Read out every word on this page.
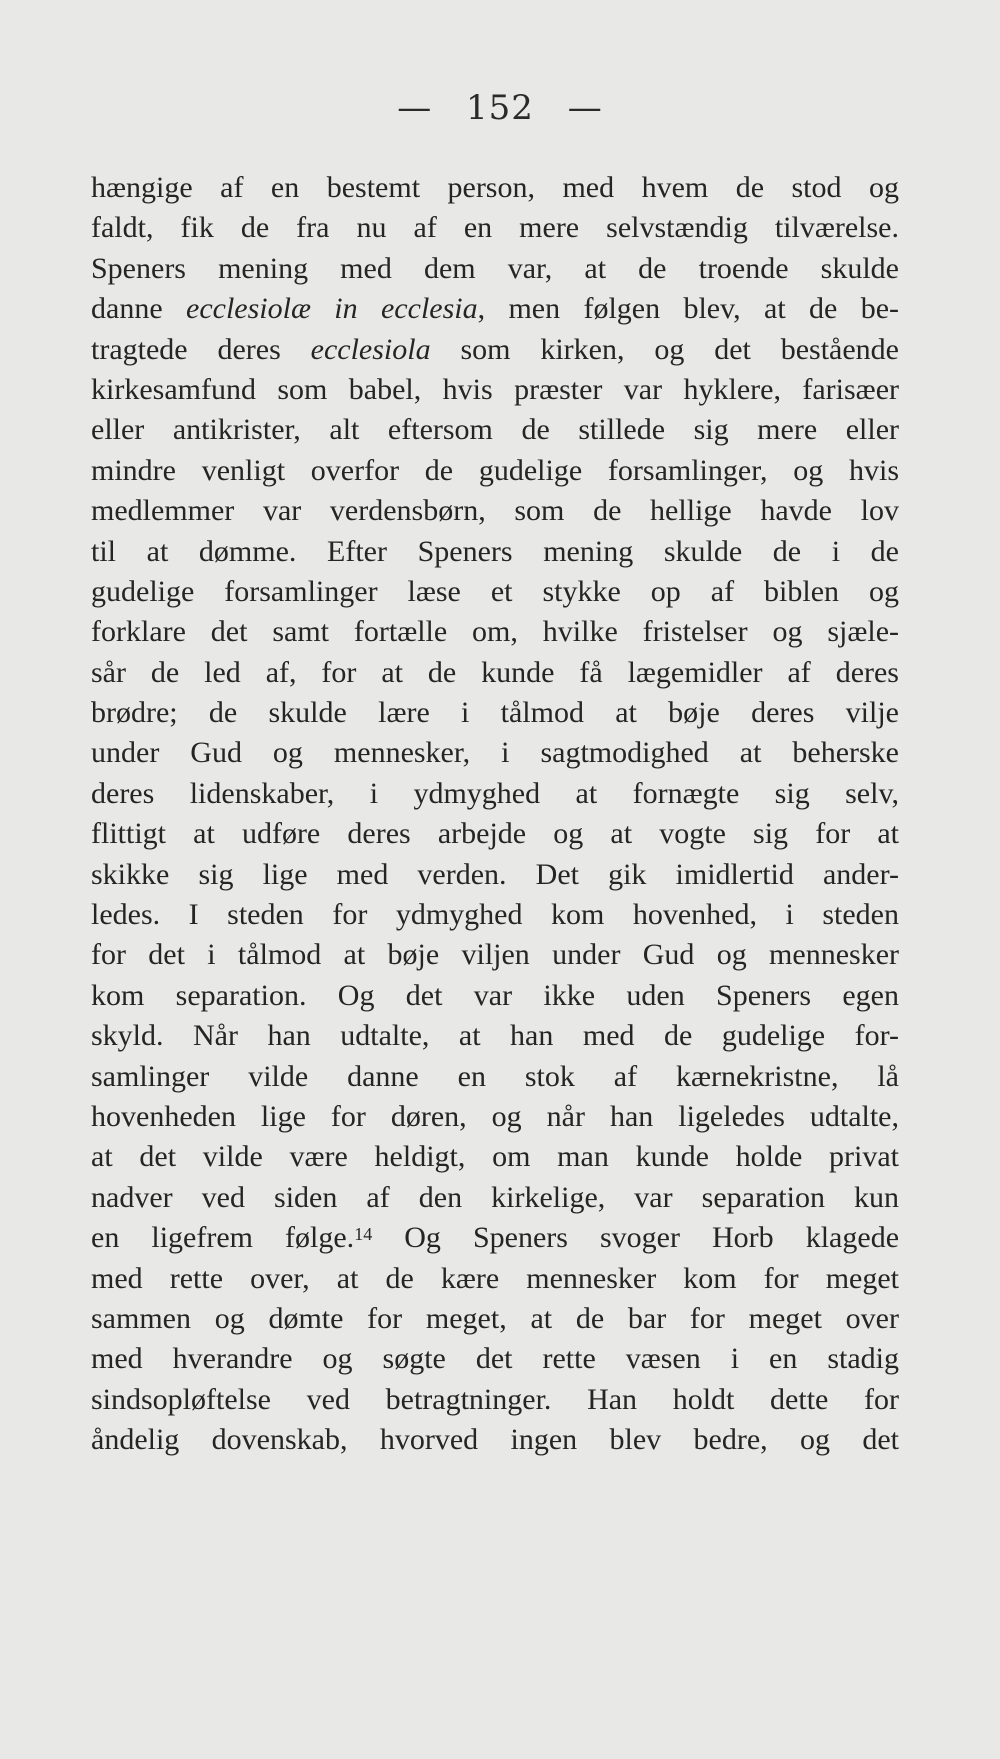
— 152 —
hængige af en bestemt person, med hvem de stod og
faldt, fik de fra nu af en mere selvstændig tilværelse.
Speners mening med dem var, at de troende skulde
danne ecclesiolæ in ecclesia, men følgen blev, at de be-
tragtede deres ecclesiola som kirken, og det bestående
kirkesamfund som babel, hvis præster var hyklere, farisæer
eller antikrister, alt eftersom de stillede sig mere eller
mindre venligt overfor de gudelige forsamlinger, og hvis
medlemmer var verdensbørn, som de hellige havde lov
til at dømme. Efter Speners mening skulde de i de
gudelige forsamlinger læse et stykke op af biblen og
forklare det samt fortælle om, hvilke fristelser og sjæle-
sår de led af, for at de kunde få lægemidler af deres
brødre; de skulde lære i tålmod at bøje deres vilje
under Gud og mennesker, i sagtmodighed at beherske
deres lidenskaber, i ydmyghed at fornægte sig selv,
flittigt at udføre deres arbejde og at vogte sig for at
skikke sig lige med verden. Det gik imidlertid ander-
ledes. I steden for ydmyghed kom hovenhed, i steden
for det i tålmod at bøje viljen under Gud og mennesker
kom separation. Og det var ikke uden Speners egen
skyld. Når han udtalte, at han med de gudelige for-
samlinger vilde danne en stok af kærnekristne, lå
hovenheden lige for døren, og når han ligeledes udtalte,
at det vilde være heldigt, om man kunde holde privat
nadver ved siden af den kirkelige, var separation kun
en ligefrem følge.$^{14}$ Og Speners svoger Horb klagede
med rette over, at de kære mennesker kom for meget
sammen og dømte for meget, at de bar for meget over
med hverandre og søgte det rette væsen i en stadig
sindsopløftelse ved betragtninger. Han holdt dette for
åndelig dovenskab, hvorved ingen blev bedre, og det
